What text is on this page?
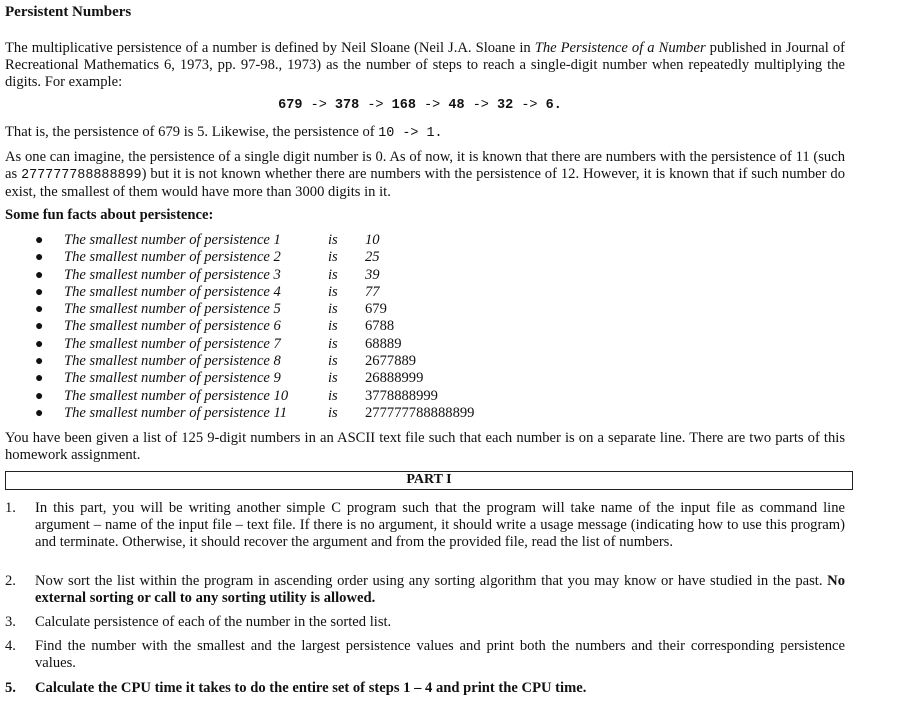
Persistent Numbers
The multiplicative persistence of a number is defined by Neil Sloane (Neil J.A. Sloane in The Persistence of a Number published in Journal of Recreational Mathematics 6, 1973, pp. 97-98., 1973) as the number of steps to reach a single-digit number when repeatedly multiplying the digits. For example:
679 -> 378 -> 168 -> 48 -> 32 -> 6.
That is, the persistence of 679 is 5. Likewise, the persistence of 10 -> 1.
As one can imagine, the persistence of a single digit number is 0. As of now, it is known that there are numbers with the persistence of 11 (such as 277777788888899) but it is not known whether there are numbers with the persistence of 12. However, it is known that if such number do exist, the smallest of them would have more than 3000 digits in it.
Some fun facts about persistence:
● The smallest number of persistence 1	is 10
● The smallest number of persistence 2	is 25
● The smallest number of persistence 3	is 39
● The smallest number of persistence 4	is 77
● The smallest number of persistence 5	is 679
● The smallest number of persistence 6	is 6788
● The smallest number of persistence 7	is 68889
● The smallest number of persistence 8	is 2677889
● The smallest number of persistence 9	is 26888999
● The smallest number of persistence 10	is 3778888999
● The smallest number of persistence 11	is 277777788888899
You have been given a list of 125 9-digit numbers in an ASCII text file such that each number is on a separate line. There are two parts of this homework assignment.
PART I
1. In this part, you will be writing another simple C program such that the program will take name of the input file as command line argument – name of the input file – text file. If there is no argument, it should write a usage message (indicating how to use this program) and terminate. Otherwise, it should recover the argument and from the provided file, read the list of numbers.
2. Now sort the list within the program in ascending order using any sorting algorithm that you may know or have studied in the past. No external sorting or call to any sorting utility is allowed.
3. Calculate persistence of each of the number in the sorted list.
4. Find the number with the smallest and the largest persistence values and print both the numbers and their corresponding persistence values.
5. Calculate the CPU time it takes to do the entire set of steps 1 – 4 and print the CPU time.
